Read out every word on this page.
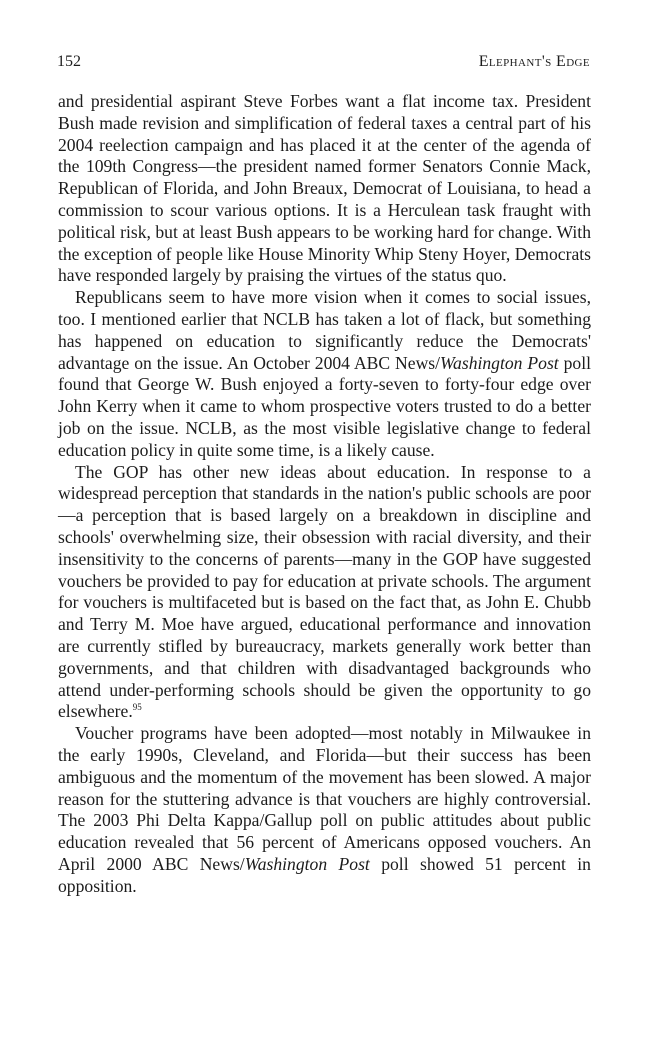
152	Elephant's Edge

and presidential aspirant Steve Forbes want a flat income tax. President Bush made revision and simplification of federal taxes a central part of his 2004 reelection campaign and has placed it at the center of the agenda of the 109th Congress—the president named former Senators Connie Mack, Republican of Florida, and John Breaux, Democrat of Louisiana, to head a commission to scour various options. It is a Herculean task fraught with political risk, but at least Bush appears to be working hard for change. With the exception of people like House Minority Whip Steny Hoyer, Democrats have responded largely by praising the virtues of the status quo.

Republicans seem to have more vision when it comes to social issues, too. I mentioned earlier that NCLB has taken a lot of flack, but something has happened on education to significantly reduce the Democrats' advantage on the issue. An October 2004 ABC News/Washington Post poll found that George W. Bush enjoyed a forty-seven to forty-four edge over John Kerry when it came to whom prospective voters trusted to do a better job on the issue. NCLB, as the most visible legislative change to federal education policy in quite some time, is a likely cause.

The GOP has other new ideas about education. In response to a widespread perception that standards in the nation's public schools are poor—a perception that is based largely on a breakdown in discipline and schools' overwhelming size, their obsession with racial diversity, and their insensitivity to the concerns of parents—many in the GOP have suggested vouchers be provided to pay for education at private schools. The argument for vouchers is multifaceted but is based on the fact that, as John E. Chubb and Terry M. Moe have argued, educational performance and innovation are currently stifled by bureaucracy, markets generally work better than governments, and that children with disadvantaged backgrounds who attend under-performing schools should be given the opportunity to go elsewhere.$^{95}$

Voucher programs have been adopted—most notably in Milwaukee in the early 1990s, Cleveland, and Florida—but their success has been ambiguous and the momentum of the movement has been slowed. A major reason for the stuttering advance is that vouchers are highly controversial. The 2003 Phi Delta Kappa/Gallup poll on public attitudes about public education revealed that 56 percent of Americans opposed vouchers. An April 2000 ABC News/Washington Post poll showed 51 percent in opposition.
